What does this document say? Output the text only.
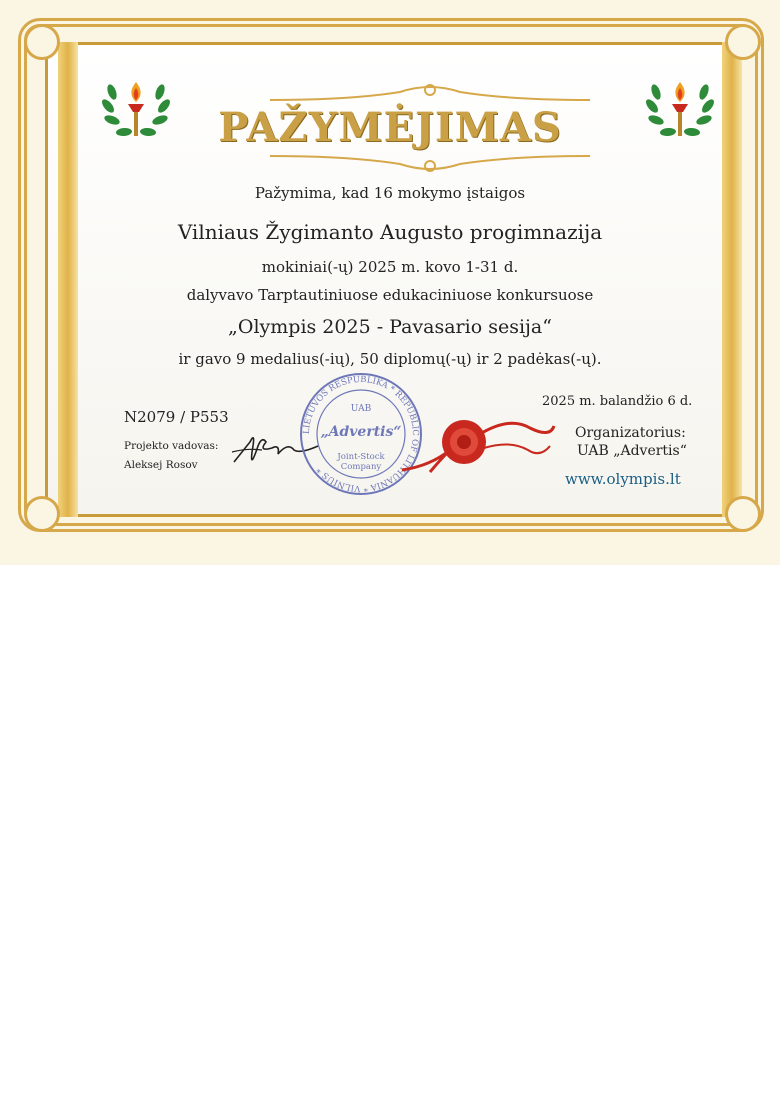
PAŽYMĖJIMAS

Pažymima, kad 16 mokymo įstaigos

Vilniaus Žygimanto Augusto progimnazija

mokiniai(-ų) 2025 m. kovo 1-31 d.

dalyvavo Tarptautiniuose edukaciniuose konkursuose

„Olympis 2025 - Pavasario sesija“

ir gavo 9 medalius(-ių), 50 diplomų(-ų) ir 2 padėkas(-ų).

N2079 / P553

Projekto vadovas:

Aleksej Rosov

2025 m. balandžio 6 d.

Organizatorius:

UAB „Advertis“

www.olympis.lt

LIETUVOS RESPUBLIKA * REPUBLIC OF LITHUANIA * VILNIUS *

UAB

„Advertis“

Joint-Stock

Company
